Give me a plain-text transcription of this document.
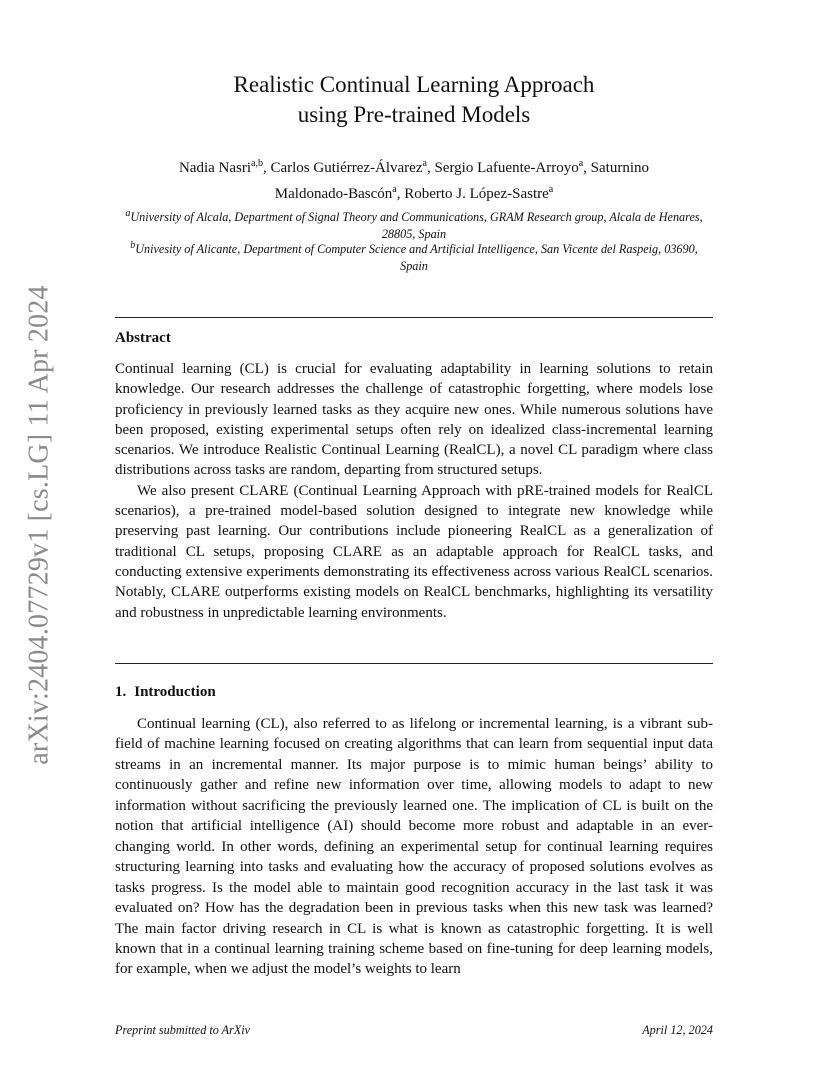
arXiv:2404.07729v1 [cs.LG] 11 Apr 2024
Realistic Continual Learning Approach
using Pre-trained Models
Nadia Nasri$^{a,b}$, Carlos Gutiérrez-Álvarez$^a$, Sergio Lafuente-Arroyo$^a$, Saturnino
Maldonado-Bascón$^a$, Roberto J. López-Sastre$^a$
$^a$University of Alcala, Department of Signal Theory and Communications, GRAM Research group, Alcala de Henares, 28805, Spain
$^b$Univesity of Alicante, Department of Computer Science and Artificial Intelligence, San Vicente del Raspeig, 03690, Spain
Abstract

Continual learning (CL) is crucial for evaluating adaptability in learning solutions to retain knowledge. Our research addresses the challenge of catastrophic forgetting, where models lose proficiency in previously learned tasks as they acquire new ones. While numerous solutions have been proposed, existing experimental setups often rely on idealized class-incremental learning scenarios. We introduce Realistic Continual Learning (RealCL), a novel CL paradigm where class distributions across tasks are random, departing from structured setups.

We also present CLARE (Continual Learning Approach with pRE-trained models for RealCL scenarios), a pre-trained model-based solution designed to integrate new knowledge while preserving past learning. Our contributions include pioneering RealCL as a generalization of traditional CL setups, proposing CLARE as an adaptable approach for RealCL tasks, and conducting extensive experiments demonstrating its effectiveness across various RealCL scenarios. Notably, CLARE outperforms existing models on RealCL benchmarks, highlighting its versatility and robustness in unpredictable learning environments.

1. Introduction

Continual learning (CL), also referred to as lifelong or incremental learning, is a vibrant sub-field of machine learning focused on creating algorithms that can learn from sequential input data streams in an incremental manner. Its major purpose is to mimic human beings’ ability to continuously gather and refine new information over time, allowing models to adapt to new information without sacrificing the previously learned one. The implication of CL is built on the notion that artificial intelligence (AI) should become more robust and adaptable in an ever-changing world. In other words, defining an experimental setup for continual learning requires structuring learning into tasks and evaluating how the accuracy of proposed solutions evolves as tasks progress. Is the model able to maintain good recognition accuracy in the last task it was evaluated on? How has the degradation been in previous tasks when this new task was learned? The main factor driving research in CL is what is known as catastrophic forgetting. It is well known that in a continual learning training scheme based on fine-tuning for deep learning models, for example, when we adjust the model’s weights to learn

Preprint submitted to ArXiv	April 12, 2024
